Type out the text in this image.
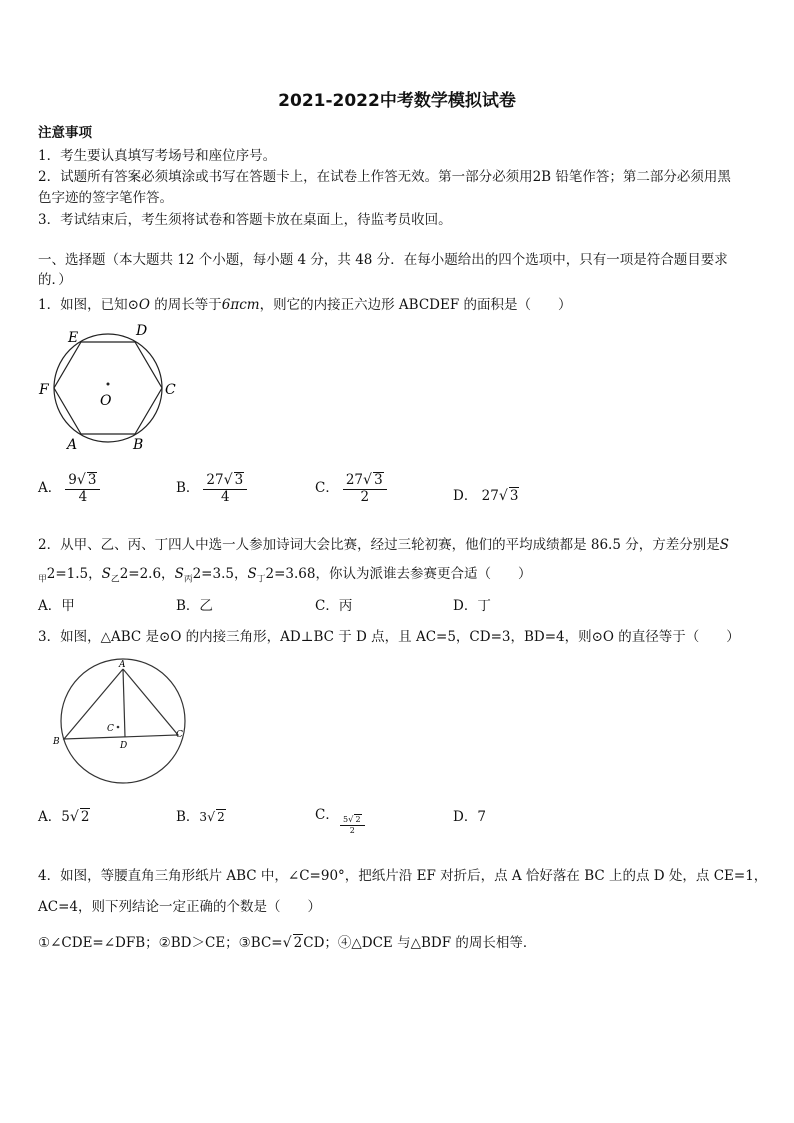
2021-2022中考数学模拟试卷
注意事项
1．考生要认真填写考场号和座位序号。
2．试题所有答案必须填涂或书写在答题卡上，在试卷上作答无效。第一部分必须用2B 铅笔作答；第二部分必须用黑
色字迹的签字笔作答。
3．考试结束后，考生须将试卷和答题卡放在桌面上，待监考员收回。
一、选择题（本大题共 12 个小题，每小题 4 分，共 48 分．在每小题给出的四个选项中，只有一项是符合题目要求
的．）
1．如图，已知⊙O 的周长等于6πcm，则它的内接正六边形 ABCDEF 的面积是（　　）
E	D
F	C
A	B
O
A． $\frac{9√ 3}{4}$	B． $\frac{27√ 3}{4}$	C． $\frac{27√ 3}{2}$	D． 27√ 3
2．从甲、乙、丙、丁四人中选一人参加诗词大会比赛，经过三轮初赛，他们的平均成绩都是 86.5 分，方差分别是S
$_甲$2=1.5，$S_乙2=2.6$，$S_丙2=3.5$，$S_丁2=3.68$，你认为派谁去参赛更合适（　　）
A．甲	B．乙	C．丙	D．丁
3．如图，△ABC 是⊙O 的内接三角形，AD⊥BC 于 D 点，且 AC=5，CD=3，BD=4，则⊙O 的直径等于（　　）
A
B
C
D
C
A．5√ 2	B．3√ 2	C． $\frac{5√ 2}{2}$	D．7
4．如图，等腰直角三角形纸片 ABC 中，∠C=90°，把纸片沿 EF 对折后，点 A 恰好落在 BC 上的点 D 处，点 CE=1，
AC=4，则下列结论一定正确的个数是（　　）
①∠CDE=∠DFB；②BD＞CE；③BC=√ 2CD；④△DCE 与△BDF 的周长相等．
